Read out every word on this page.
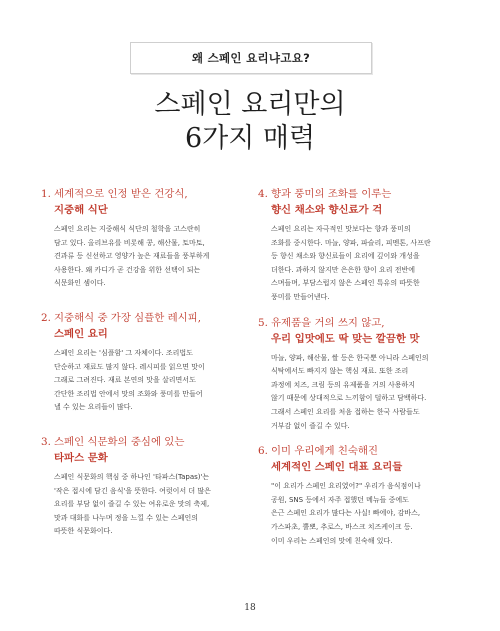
왜 스페인 요리냐고요?
스페인 요리만의
6가지 매력
1. 세계적으로 인정 받은 건강식,
지중해 식단
스페인 요리는 지중해식 식단의 철학을 고스란히
담고 있다. 올리브유를 비롯해 콩, 해산물, 토마토,
견과류 등 신선하고 영양가 높은 재료들을 풍부하게
사용한다. 왜 카디가 곧 건강을 위한 선택이 되는
식문화인 셈이다.
2. 지중해식 중 가장 심플한 레시피,
스페인 요리
스페인 요리는 '심플함' 그 자체이다. 조리법도
단순하고 재료도 많지 않다. 레시피를 읽으면 맛이
그래로 그려진다. 재료 본연의 맛을 살리면서도
간단한 조리법 안에서 맛의 조화와 풍미를 만들어
낼 수 있는 요리들이 많다.
3. 스페인 식문화의 중심에 있는
타파스 문화
스페인 식문화의 핵심 중 하나인 '타파스(Tapas)'는
'작은 접시에 담긴 음식'을 뜻한다. 여럿이서 더 많은
요리를 부담 없이 즐길 수 있는 여유로운 맛의 축제,
맛과 대화를 나누며 정을 느낄 수 있는 스페인의
따뜻한 식문화이다.
4. 향과 풍미의 조화를 이루는
향신 채소와 향신료가 걱
스페인 요리는 자극적인 맛보다는 향과 풍미의
조화를 중시한다. 마늘, 양파, 파슬리, 피멘톤, 사프란
등 향신 채소와 향신료들이 요리에 깊이와 개성을
더한다. 과하지 않지만 은은한 향이 요리 전반에
스며들며, 부담스럽지 않은 스페인 특유의 따뜻한
풍미를 만들어낸다.
5. 유제품을 거의 쓰지 않고,
우리 입맛에도 딱 맞는 깔끔한 맛
마늘, 양파, 해산물, 쌀 등은 한국뿐 아니라 스페인의
식탁에서도 빠지지 않는 핵심 재료. 또한 조리
과정에 치즈, 크림 등의 유제품을 거의 사용하지
않기 때문에 상대적으로 느끼함이 덜하고 담백하다.
그래서 스페인 요리를 처음 접하는 한국 사람들도
거부감 없이 즐길 수 있다.
6. 이미 우리에게 친숙해진
세계적인 스페인 대표 요리들
"이 요리가 스페인 요리였어?" 우리가 음식점이나
공원, SNS 등에서 자주 접했던 메뉴들 중에도
은근 스페인 요리가 많다는 사실! 빠에야, 감바스,
가스파초, 뿔뽀, 추로스, 바스크 치즈케이크 등.
이미 우리는 스페인의 맛에 친숙해 있다.
18
